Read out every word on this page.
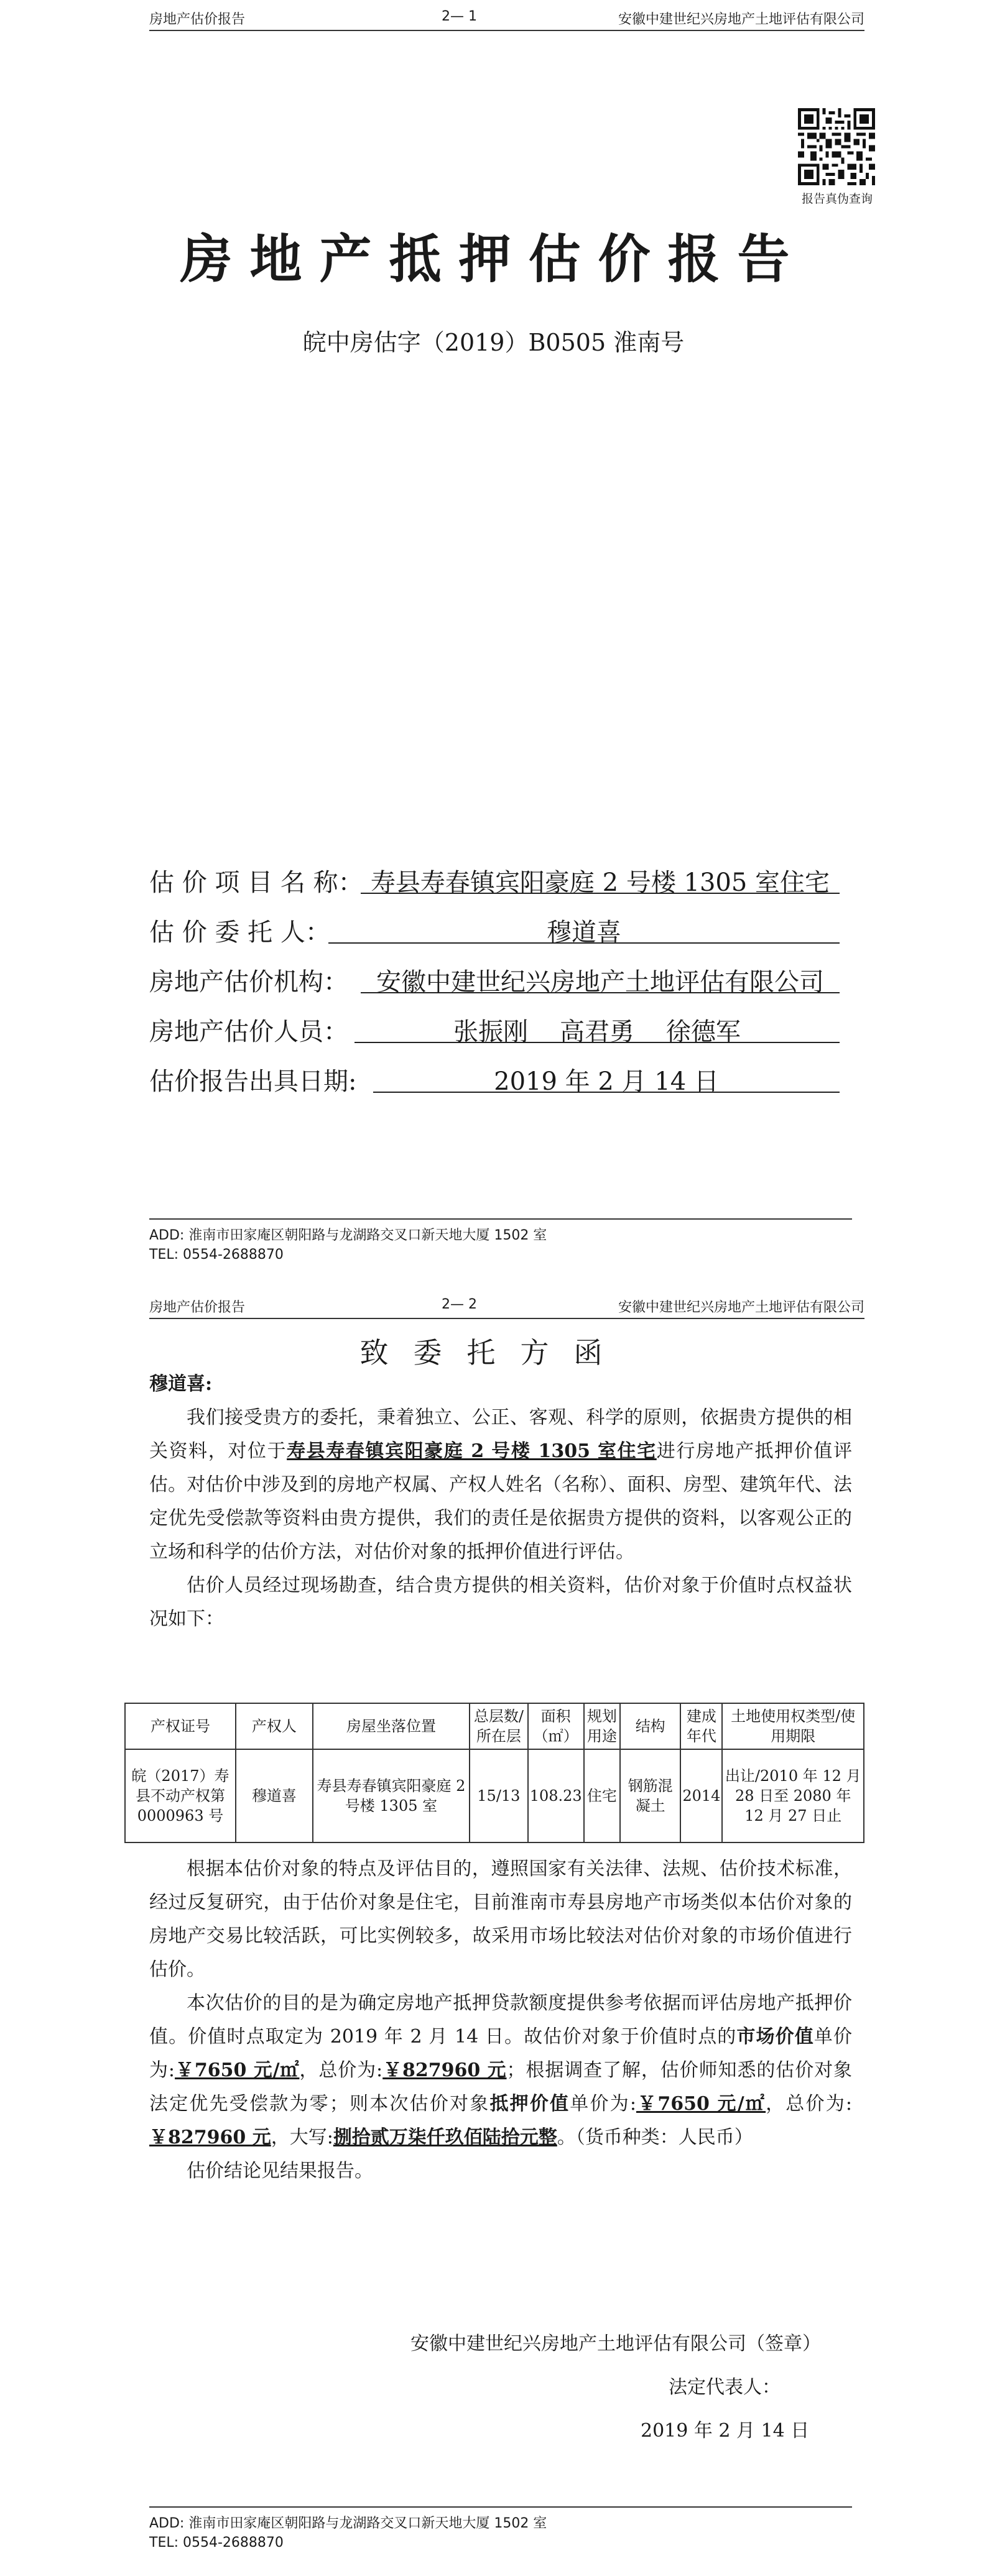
房地产估价报告	2— 1	安徽中建世纪兴房地产土地评估有限公司
报告真伪查询
房地产抵押估价报告
皖中房估字（2019）B0505 淮南号
估 价 项 目 名 称： 寿县寿春镇宾阳豪庭 2 号楼 1305 室住宅
估 价 委 托 人：	穆道喜
房地产估价机构：	安徽中建世纪兴房地产土地评估有限公司
房地产估价人员：	张振刚    高君勇    徐德军
估价报告出具日期:	2019 年 2 月 14 日
ADD: 淮南市田家庵区朝阳路与龙湖路交叉口新天地大厦 1502 室
TEL: 0554-2688870
房地产估价报告	2— 2	安徽中建世纪兴房地产土地评估有限公司
致委托方函
穆道喜:

我们接受贵方的委托，秉着独立、公正、客观、科学的原则，依据贵方提供的相关资料，对位于寿县寿春镇宾阳豪庭 2 号楼 1305 室住宅进行房地产抵押价值评估。对估价中涉及到的房地产权属、产权人姓名（名称）、面积、房型、建筑年代、法定优先受偿款等资料由贵方提供，我们的责任是依据贵方提供的资料，以客观公正的立场和科学的估价方法，对估价对象的抵押价值进行评估。

估价人员经过现场勘查，结合贵方提供的相关资料，估价对象于价值时点权益状况如下：

产权证号	产权人	房屋坐落位置	总层数/所在层	面积（㎡）	规划用途	结构	建成年代	土地使用权类型/使用期限
皖（2017）寿县不动产权第 0000963 号	穆道喜	寿县寿春镇宾阳豪庭 2 号楼 1305 室	15/13	108.23	住宅	钢筋混凝土	2014	出让/2010 年 12 月 28 日至 2080 年 12 月 27 日止

根据本估价对象的特点及评估目的，遵照国家有关法律、法规、估价技术标准，经过反复研究，由于估价对象是住宅，目前淮南市寿县房地产市场类似本估价对象的房地产交易比较活跃，可比实例较多，故采用市场比较法对估价对象的市场价值进行估价。

本次估价的目的是为确定房地产抵押贷款额度提供参考依据而评估房地产抵押价值。价值时点取定为 2019 年 2 月 14 日。故估价对象于价值时点的市场价值单价为:￥7650 元/㎡，总价为:￥827960 元；根据调查了解，估价师知悉的估价对象法定优先受偿款为零；则本次估价对象抵押价值单价为:￥7650 元/㎡，总价为:￥827960 元，大写:捌拾贰万柒仟玖佰陆拾元整。（货币种类：人民币）

估价结论见结果报告。

安徽中建世纪兴房地产土地评估有限公司（签章）
法定代表人：
2019 年 2 月 14 日
ADD: 淮南市田家庵区朝阳路与龙湖路交叉口新天地大厦 1502 室
TEL: 0554-2688870
